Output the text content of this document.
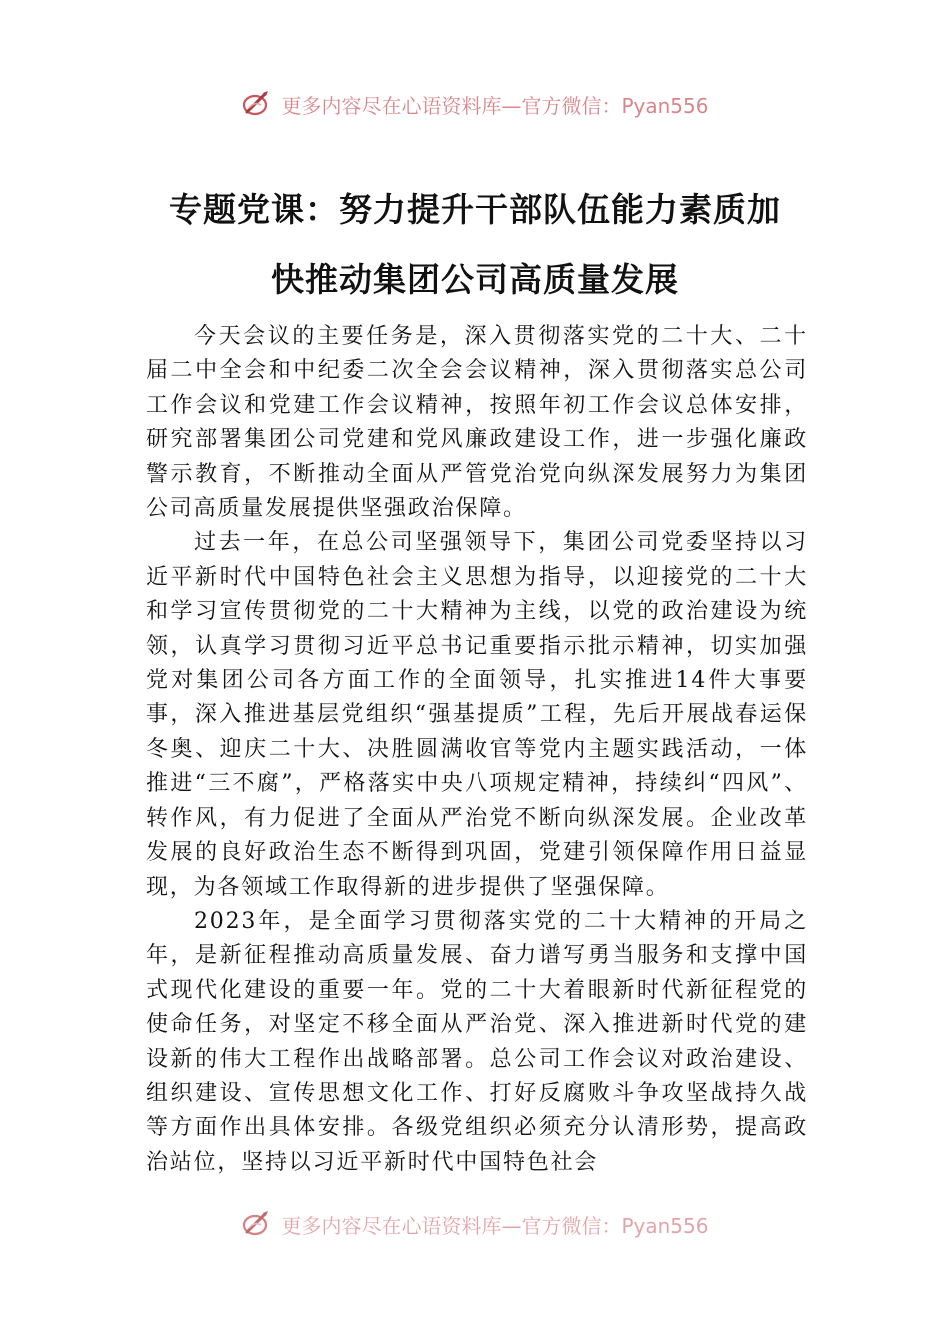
更多内容尽在心语资料库—官方微信：Pyan556
专题党课：努力提升干部队伍能力素质加
快推动集团公司高质量发展

今天会议的主要任务是，深入贯彻落实党的二十大、二十届二中全会和中纪委二次全会会议精神，深入贯彻落实总公司工作会议和党建工作会议精神，按照年初工作会议总体安排，研究部署集团公司党建和党风廉政建设工作，进一步强化廉政警示教育，不断推动全面从严管党治党向纵深发展努力为集团公司高质量发展提供坚强政治保障。

过去一年，在总公司坚强领导下，集团公司党委坚持以习近平新时代中国特色社会主义思想为指导，以迎接党的二十大和学习宣传贯彻党的二十大精神为主线，以党的政治建设为统领，认真学习贯彻习近平总书记重要指示批示精神，切实加强党对集团公司各方面工作的全面领导，扎实推进14件大事要事，深入推进基层党组织“强基提质”工程，先后开展战春运保冬奥、迎庆二十大、决胜圆满收官等党内主题实践活动，一体推进“三不腐”，严格落实中央八项规定精神，持续纠“四风”、转作风，有力促进了全面从严治党不断向纵深发展。企业改革发展的良好政治生态不断得到巩固，党建引领保障作用日益显现，为各领域工作取得新的进步提供了坚强保障。

2023年，是全面学习贯彻落实党的二十大精神的开局之年，是新征程推动高质量发展、奋力谱写勇当服务和支撑中国式现代化建设的重要一年。党的二十大着眼新时代新征程党的使命任务，对坚定不移全面从严治党、深入推进新时代党的建设新的伟大工程作出战略部署。总公司工作会议对政治建设、组织建设、宣传思想文化工作、打好反腐败斗争攻坚战持久战等方面作出具体安排。各级党组织必须充分认清形势，提高政治站位，坚持以习近平新时代中国特色社会

更多内容尽在心语资料库—官方微信：Pyan556
